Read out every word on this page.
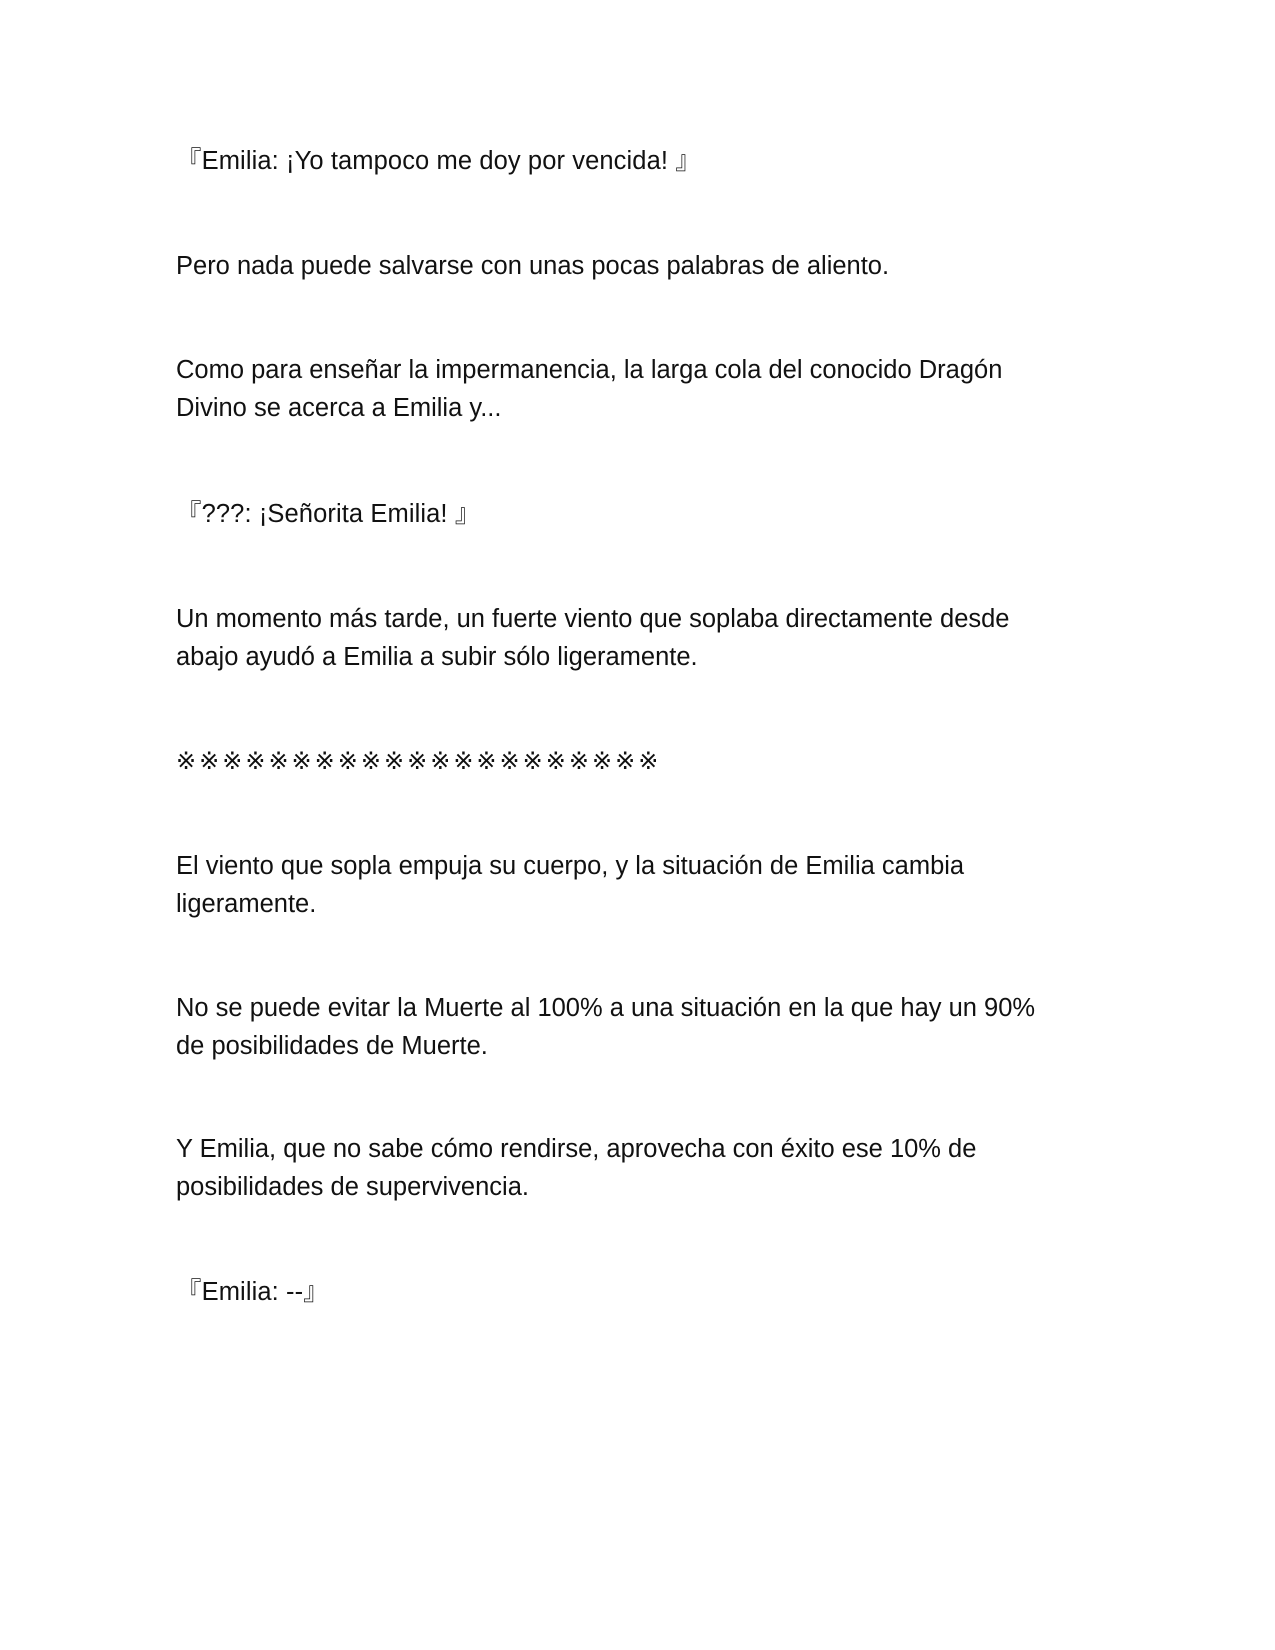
『Emilia: ¡Yo tampoco me doy por vencida! 』

Pero nada puede salvarse con unas pocas palabras de aliento.

Como para enseñar la impermanencia, la larga cola del conocido Dragón
Divino se acerca a Emilia y...

『???: ¡Señorita Emilia! 』

Un momento más tarde, un fuerte viento que soplaba directamente desde
abajo ayudó a Emilia a subir sólo ligeramente.

※※※※※※※※※※※※※※※※※※※※※

El viento que sopla empuja su cuerpo, y la situación de Emilia cambia
ligeramente.

No se puede evitar la Muerte al 100% a una situación en la que hay un 90%
de posibilidades de Muerte.

Y Emilia, que no sabe cómo rendirse, aprovecha con éxito ese 10% de
posibilidades de supervivencia.

『Emilia: --』
